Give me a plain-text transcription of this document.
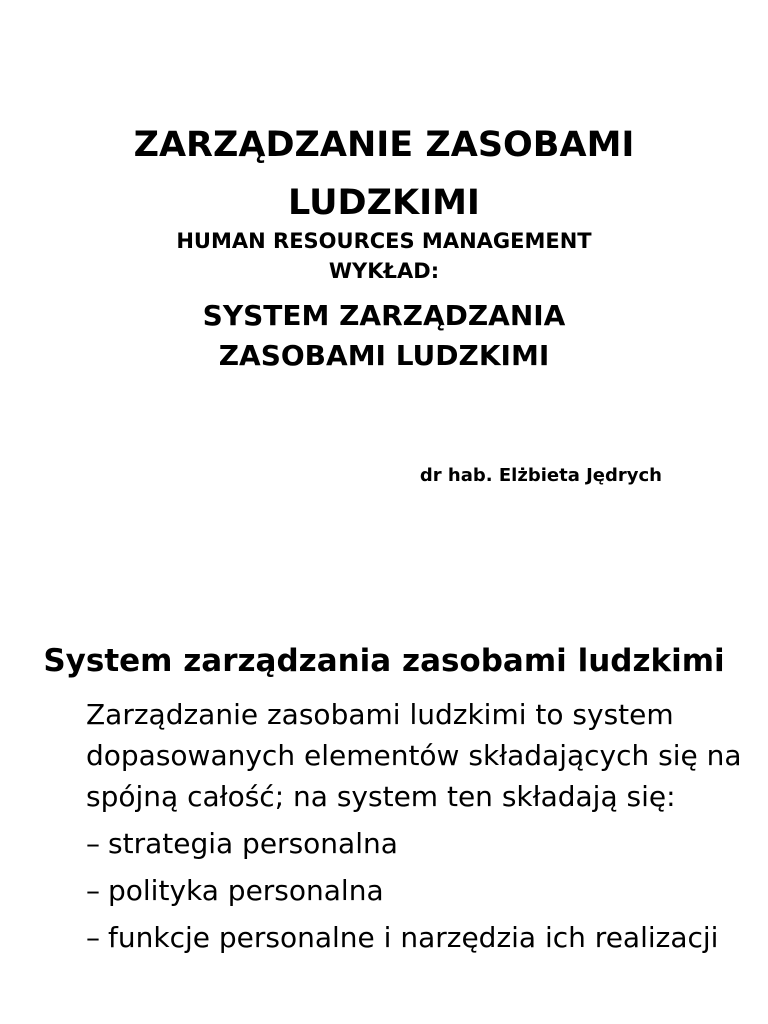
ZARZĄDZANIE ZASOBAMI
LUDZKIMI
HUMAN RESOURCES MANAGEMENT
WYKŁAD:
SYSTEM ZARZĄDZANIA
ZASOBAMI LUDZKIMI
dr hab. Elżbieta Jędrych
System zarządzania zasobami ludzkimi
Zarządzanie zasobami ludzkimi to system
dopasowanych elementów składających się na
spójną całość; na system ten składają się:
– strategia personalna
– polityka personalna
– funkcje personalne i narzędzia ich realizacji
